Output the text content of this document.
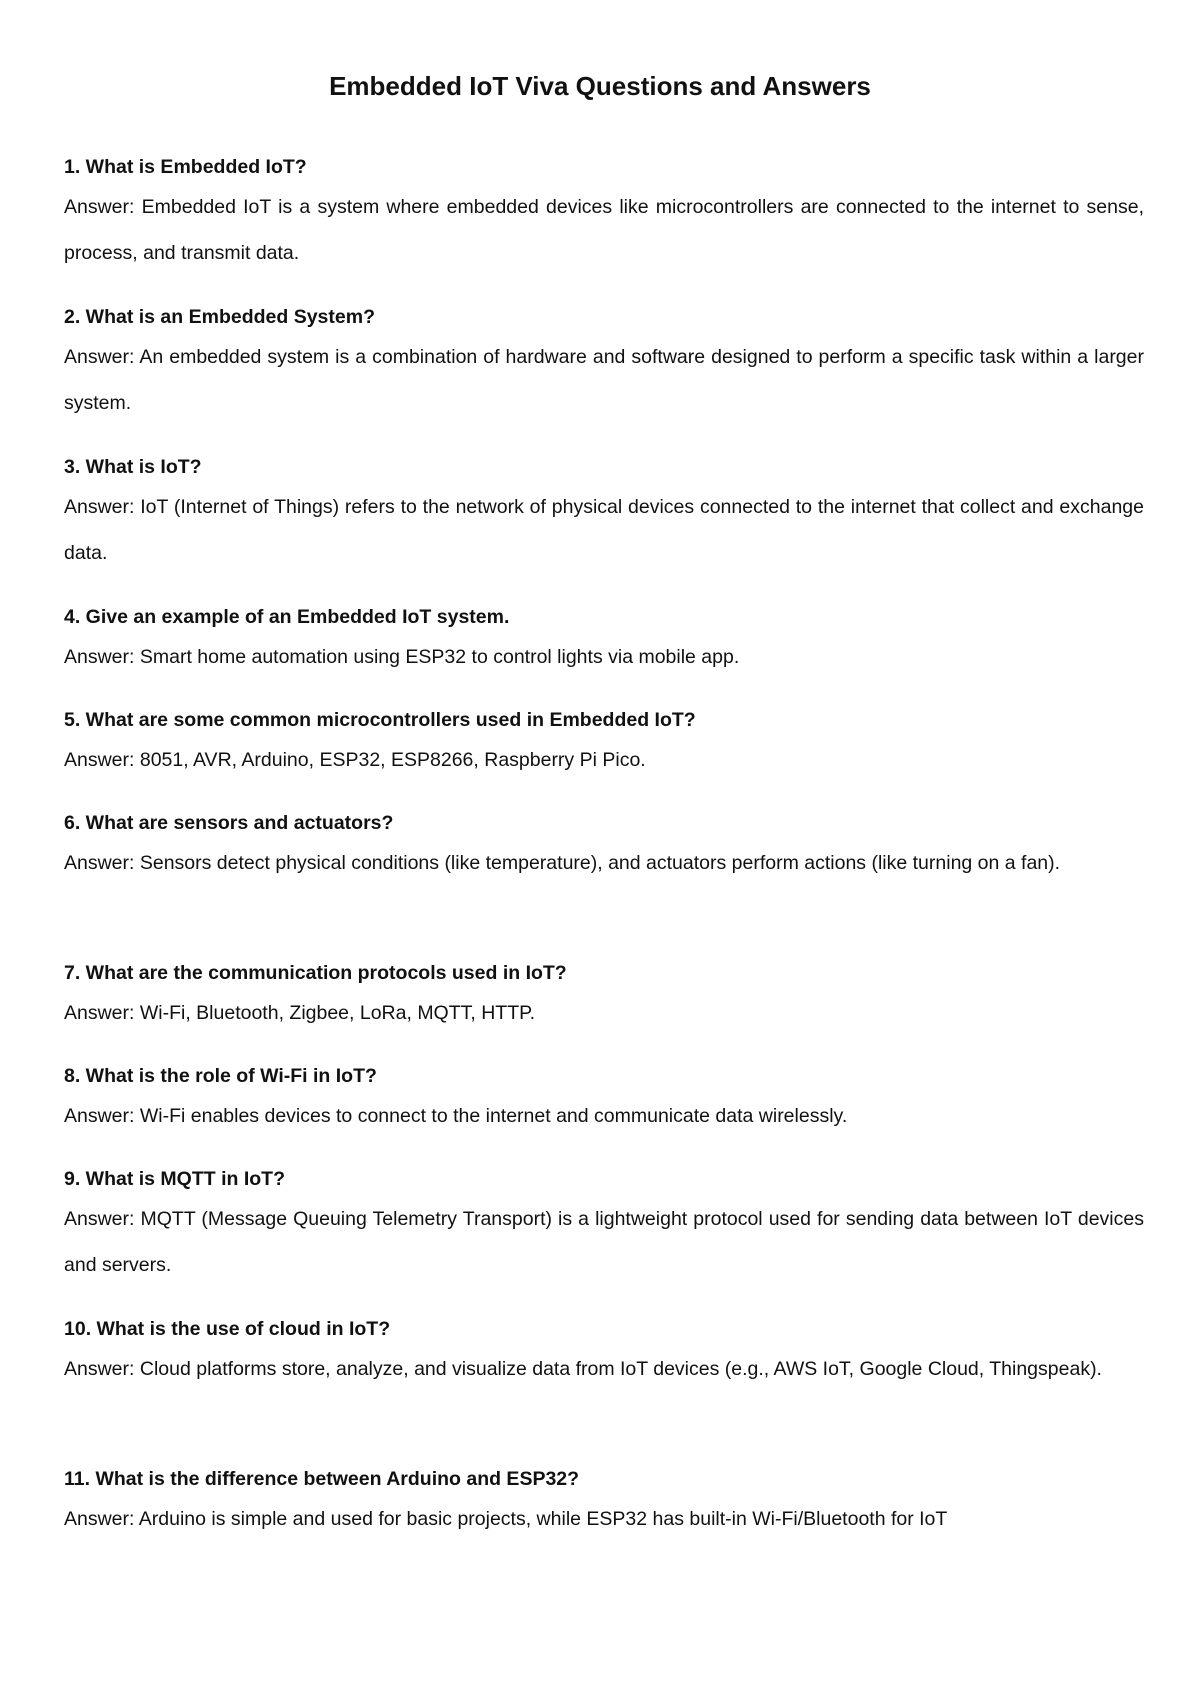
Embedded IoT Viva Questions and Answers

1. What is Embedded IoT?

Answer: Embedded IoT is a system where embedded devices like microcontrollers are connected to the internet to sense, process, and transmit data.

2. What is an Embedded System?

Answer: An embedded system is a combination of hardware and software designed to perform a specific task within a larger system.

3. What is IoT?

Answer: IoT (Internet of Things) refers to the network of physical devices connected to the internet that collect and exchange data.

4. Give an example of an Embedded IoT system.

Answer: Smart home automation using ESP32 to control lights via mobile app.

5. What are some common microcontrollers used in Embedded IoT?

Answer: 8051, AVR, Arduino, ESP32, ESP8266, Raspberry Pi Pico.

6. What are sensors and actuators?

Answer: Sensors detect physical conditions (like temperature), and actuators perform actions (like turning on a fan).

7. What are the communication protocols used in IoT?

Answer: Wi-Fi, Bluetooth, Zigbee, LoRa, MQTT, HTTP.

8. What is the role of Wi-Fi in IoT?

Answer: Wi-Fi enables devices to connect to the internet and communicate data wirelessly.

9. What is MQTT in IoT?

Answer: MQTT (Message Queuing Telemetry Transport) is a lightweight protocol used for sending data between IoT devices and servers.

10. What is the use of cloud in IoT?

Answer: Cloud platforms store, analyze, and visualize data from IoT devices (e.g., AWS IoT, Google Cloud, Thingspeak).

11. What is the difference between Arduino and ESP32?

Answer: Arduino is simple and used for basic projects, while ESP32 has built-in Wi-Fi/Bluetooth for IoT
